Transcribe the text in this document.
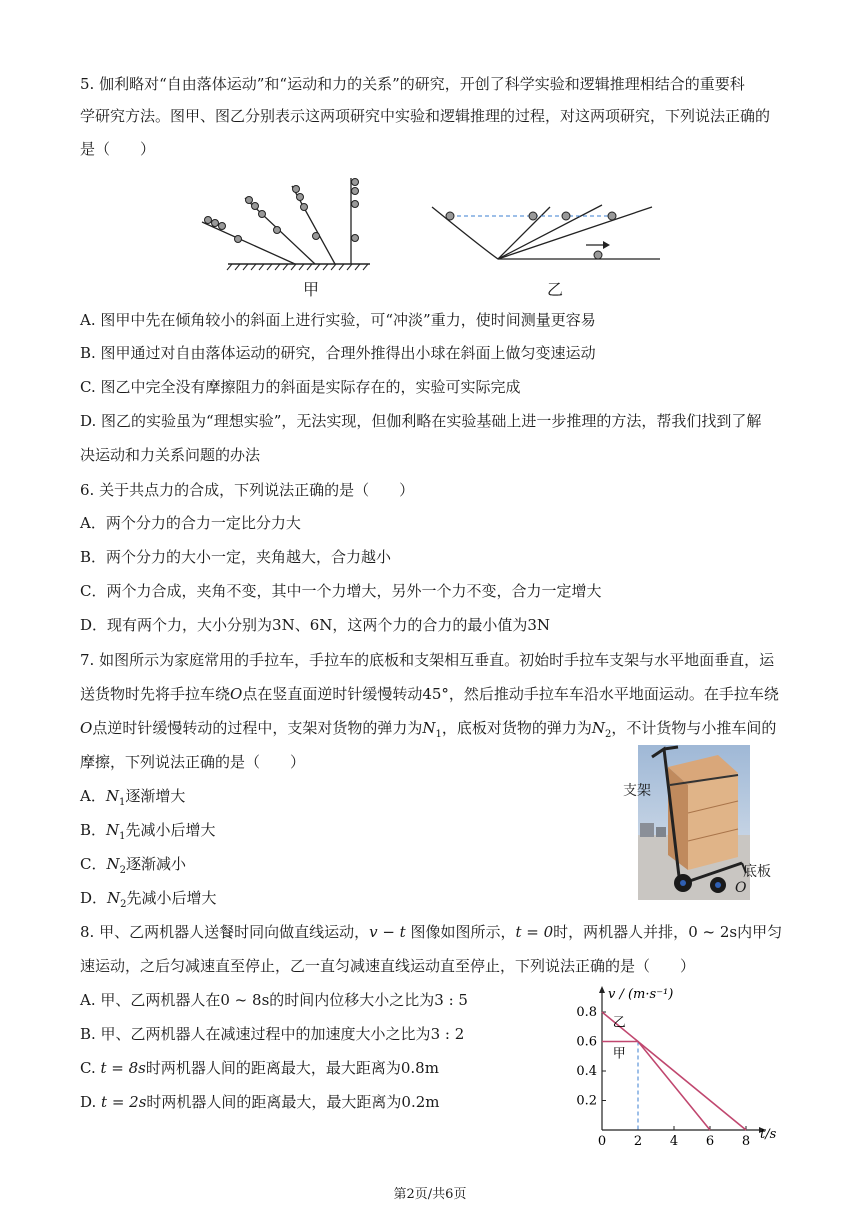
5. 伽利略对“自由落体运动”和“运动和力的关系”的研究，开创了科学实验和逻辑推理相结合的重要科
学研究方法。图甲、图乙分别表示这两项研究中实验和逻辑推理的过程，对这两项研究，下列说法正确的
是（　　）
甲	乙
A. 图甲中先在倾角较小的斜面上进行实验，可“冲淡”重力，使时间测量更容易
B. 图甲通过对自由落体运动的研究，合理外推得出小球在斜面上做匀变速运动
C. 图乙中完全没有摩擦阻力的斜面是实际存在的，实验可实际完成
D. 图乙的实验虽为“理想实验”，无法实现，但伽利略在实验基础上进一步推理的方法，帮我们找到了解
决运动和力关系问题的办法
6. 关于共点力的合成，下列说法正确的是（　　）
A．两个分力的合力一定比分力大
B．两个分力的大小一定，夹角越大，合力越小
C．两个力合成，夹角不变，其中一个力增大，另外一个力不变，合力一定增大
D．现有两个力，大小分别为3N、6N，这两个力的合力的最小值为3N
7. 如图所示为家庭常用的手拉车，手拉车的底板和支架相互垂直。初始时手拉车支架与水平地面垂直，运
送货物时先将手拉车绕O点在竖直面逆时针缓慢转动45°，然后推动手拉车车沿水平地面运动。在手拉车绕
O点逆时针缓慢转动的过程中，支架对货物的弹力为$N_1$，底板对货物的弹力为$N_2$，不计货物与小推车间的
摩擦，下列说法正确的是（　　）
A．$N_1$逐渐增大
B．$N_1$先减小后增大
C．$N_2$逐渐减小
D．$N_2$先减小后增大
支架
底板
O
8. 甲、乙两机器人送餐时同向做直线运动，v − t 图像如图所示，t = 0时，两机器人并排，0 ~ 2s内甲匀
速运动，之后匀减速直至停止，乙一直匀减速直线运动直至停止，下列说法正确的是（　　）
A. 甲、乙两机器人在0 ~ 8s的时间内位移大小之比为3 : 5
B. 甲、乙两机器人在减速过程中的加速度大小之比为3 : 2
C. t = 8s时两机器人间的距离最大，最大距离为0.8m
D. t = 2s时两机器人间的距离最大，最大距离为0.2m
0 2 4 6 8
0.2
0.4
0.6
0.8
v / (m·s⁻¹)
t/s
乙
甲
第2页/共6页
